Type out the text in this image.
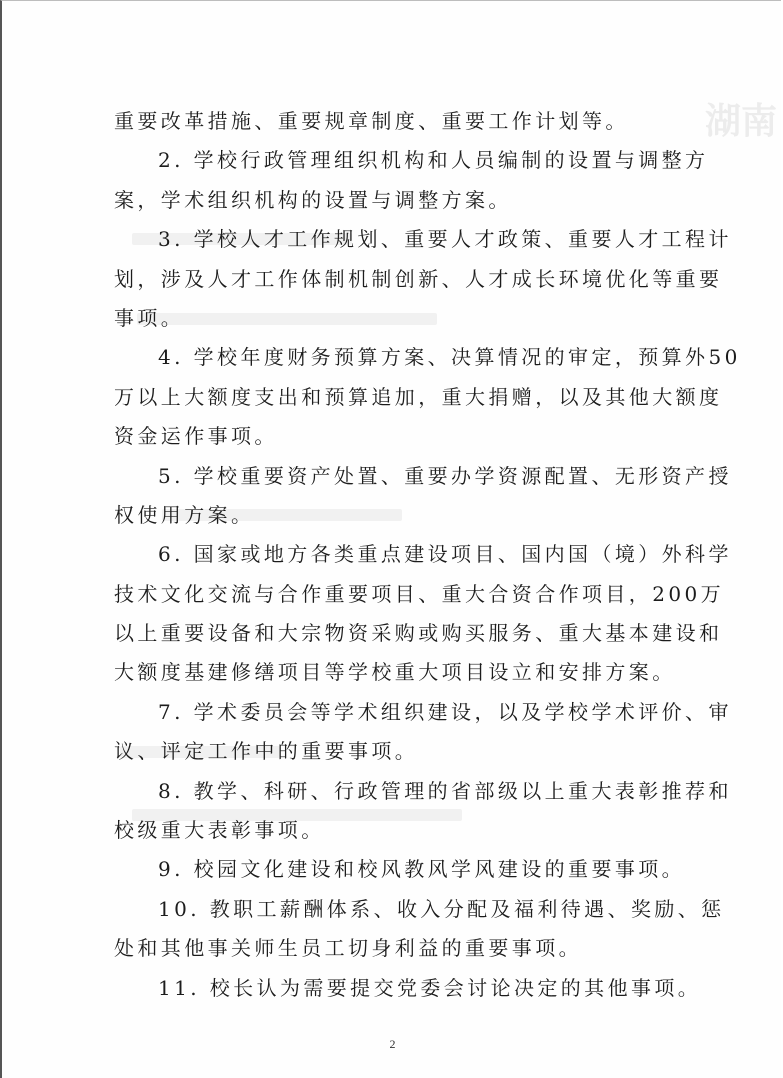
湖南
重要改革措施、重要规章制度、重要工作计划等。
2. 学校行政管理组织机构和人员编制的设置与调整方
案，学术组织机构的设置与调整方案。
3. 学校人才工作规划、重要人才政策、重要人才工程计
划，涉及人才工作体制机制创新、人才成长环境优化等重要
事项。
4. 学校年度财务预算方案、决算情况的审定，预算外50
万以上大额度支出和预算追加，重大捐赠，以及其他大额度
资金运作事项。
5. 学校重要资产处置、重要办学资源配置、无形资产授
权使用方案。
6. 国家或地方各类重点建设项目、国内国（境）外科学
技术文化交流与合作重要项目、重大合资合作项目，200万
以上重要设备和大宗物资采购或购买服务、重大基本建设和
大额度基建修缮项目等学校重大项目设立和安排方案。
7. 学术委员会等学术组织建设，以及学校学术评价、审
议、评定工作中的重要事项。
8. 教学、科研、行政管理的省部级以上重大表彰推荐和
校级重大表彰事项。
9. 校园文化建设和校风教风学风建设的重要事项。
10. 教职工薪酬体系、收入分配及福利待遇、奖励、惩
处和其他事关师生员工切身利益的重要事项。
11. 校长认为需要提交党委会讨论决定的其他事项。
2
